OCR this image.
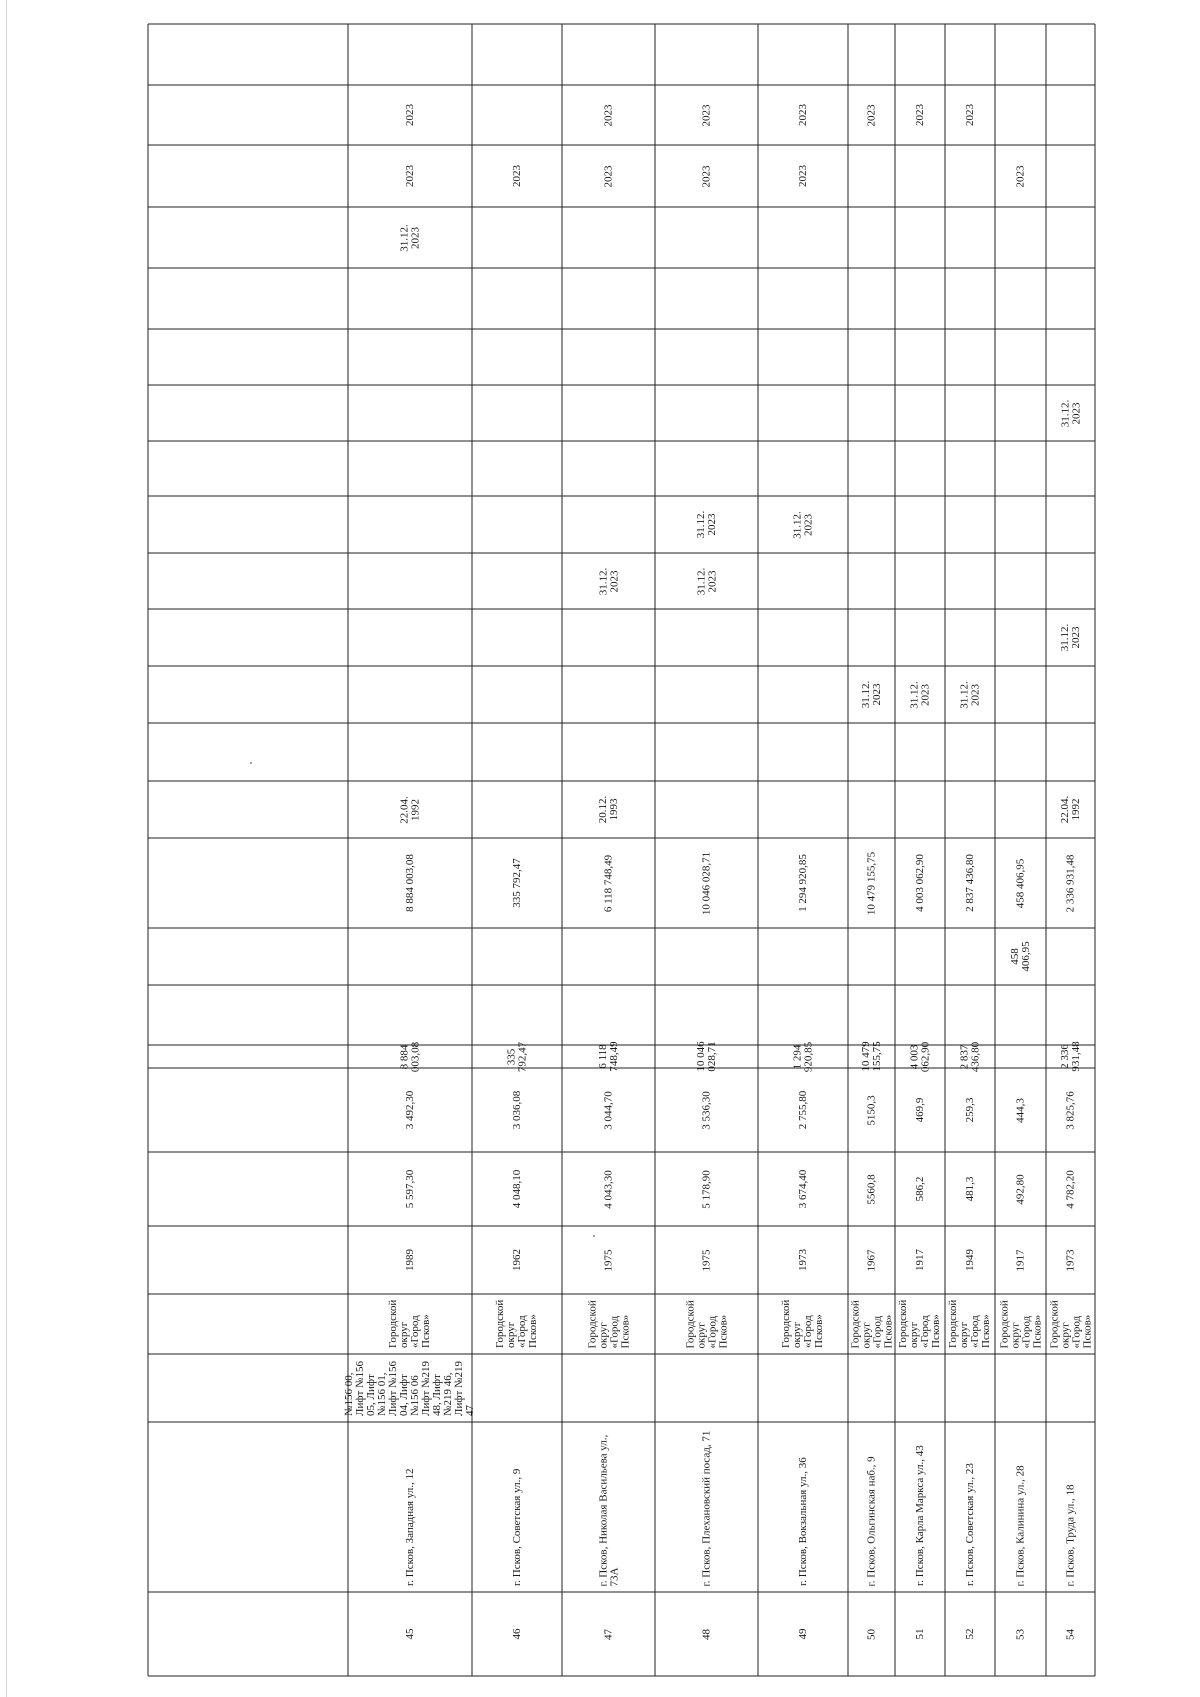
45
г. Псков, Западная ул., 12
№156 00, Лифт №156 05, Лифт №156 01, Лифт №156 04, Лифт №156 06 Лифт №219 48, Лифт №219 46, Лифт №219 47
Городской округ «Город Псков»
1989
5 597,30
3 492,30
8 884 003,08
8 884 003,08
22.04. 1992
31.12. 2023
2023
2023
46
г. Псков, Советская ул., 9
Городской округ «Город Псков»
1962
4 048,10
3 036,08
335 792,47
335 792,47
2023
47
г. Псков, Николая Васильева ул., 73А
Городской округ «Город Псков»
1975
4 043,30
3 044,70
6 118 748,49
6 118 748,49
20.12. 1993
31.12. 2023
2023
2023
48
г. Псков, Плехановский посад, 71
Городской округ «Город Псков»
1975
5 178,90
3 536,30
10 046 028,71
10 046 028,71
31.12. 2023
31.12. 2023
2023
2023
49
г. Псков, Вокзальная ул., 36
Городской округ «Город Псков»
1973
3 674,40
2 755,80
1 294 920,85
1 294 920,85
31.12. 2023
2023
2023
50
г. Псков, Ольгинская наб., 9
Городской округ «Город Псков»
1967
5560,8
5150,3
10 479 155,75
10 479 155,75
31.12. 2023
2023
51
г. Псков, Карла Маркса ул., 43
Городской округ «Город Псков»
1917
586,2
469,9
4 003 062,90
4 003 062,90
31.12. 2023
2023
52
г. Псков, Советская ул., 23
Городской округ «Город Псков»
1949
481,3
259,3
2 837 436,80
2 837 436,80
31.12. 2023
2023
53
г. Псков, Калинина ул., 28
Городской округ «Город Псков»
1917
492,80
444,3
458 406,95
458 406,95
2023
54
г. Псков, Труда ул., 18
Городской округ «Город Псков»
1973
4 782,20
3 825,76
2 336 931,48
2 336 931,48
22.04. 1992
31.12. 2023
31.12. 2023
